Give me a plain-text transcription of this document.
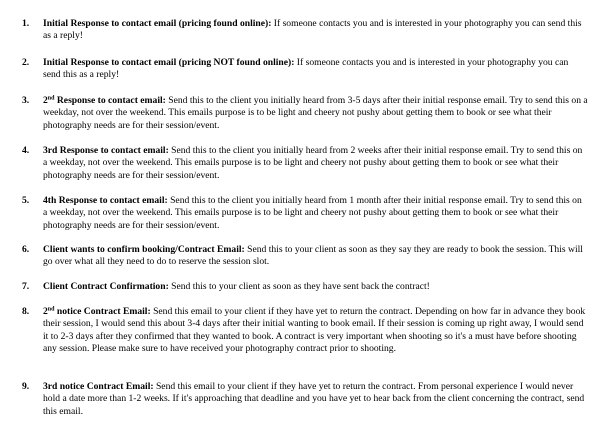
1.	Initial Response to contact email (pricing found online): If someone contacts you and is interested in your photography you can send this as a reply!
2.	Initial Response to contact email (pricing NOT found online): If someone contacts you and is interested in your photography you can send this as a reply!
3.	2nd Response to contact email: Send this to the client you initially heard from 3-5 days after their initial response email. Try to send this on a weekday, not over the weekend. This emails purpose is to be light and cheery not pushy about getting them to book or see what their photography needs are for their session/event.
4.	3rd Response to contact email: Send this to the client you initially heard from 2 weeks after their initial response email. Try to send this on a weekday, not over the weekend. This emails purpose is to be light and cheery not pushy about getting them to book or see what their photography needs are for their session/event.
5.	4th Response to contact email: Send this to the client you initially heard from 1 month after their initial response email. Try to send this on a weekday, not over the weekend. This emails purpose is to be light and cheery not pushy about getting them to book or see what their photography needs are for their session/event.
6.	Client wants to confirm booking/Contract Email: Send this to your client as soon as they say they are ready to book the session. This will go over what all they need to do to reserve the session slot.
7.	Client Contract Confirmation: Send this to your client as soon as they have sent back the contract!
8.	2nd notice Contract Email: Send this email to your client if they have yet to return the contract. Depending on how far in advance they book their session, I would send this about 3-4 days after their initial wanting to book email. If their session is coming up right away, I would send it to 2-3 days after they confirmed that they wanted to book. A contract is very important when shooting so it's a must have before shooting any session. Please make sure to have received your photography contract prior to shooting.
9.	3rd notice Contract Email: Send this email to your client if they have yet to return the contract. From personal experience I would never hold a date more than 1-2 weeks. If it's approaching that deadline and you have yet to hear back from the client concerning the contract, send this email.
